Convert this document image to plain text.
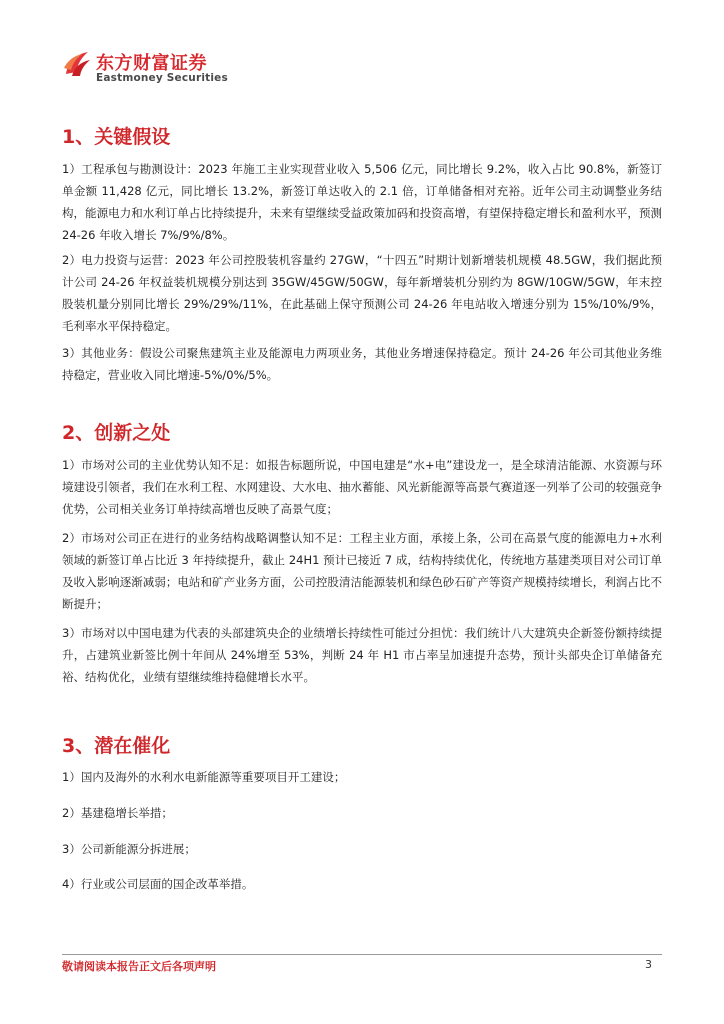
东方财富证券
Eastmoney Securities
1、关键假设

1）工程承包与勘测设计：2023 年施工主业实现营业收入 5,506 亿元，同比增长 9.2%，收入占比 90.8%，新签订单金额 11,428 亿元，同比增长 13.2%，新签订单达收入的 2.1 倍，订单储备相对充裕。近年公司主动调整业务结构，能源电力和水利订单占比持续提升，未来有望继续受益政策加码和投资高增，有望保持稳定增长和盈利水平，预测 24-26 年收入增长 7%/9%/8%。

2）电力投资与运营：2023 年公司控股装机容量约 27GW，“十四五”时期计划新增装机规模 48.5GW，我们据此预计公司 24-26 年权益装机规模分别达到 35GW/45GW/50GW，每年新增装机分别约为 8GW/10GW/5GW，年末控股装机量分别同比增长 29%/29%/11%，在此基础上保守预测公司 24-26 年电站收入增速分别为 15%/10%/9%，毛利率水平保持稳定。

3）其他业务：假设公司聚焦建筑主业及能源电力两项业务，其他业务增速保持稳定。预计 24-26 年公司其他业务维持稳定，营业收入同比增速-5%/0%/5%。

2、创新之处

1）市场对公司的主业优势认知不足：如报告标题所说，中国电建是“水+电”建设龙一，是全球清洁能源、水资源与环境建设引领者，我们在水利工程、水网建设、大水电、抽水蓄能、风光新能源等高景气赛道逐一列举了公司的较强竞争优势，公司相关业务订单持续高增也反映了高景气度；

2）市场对公司正在进行的业务结构战略调整认知不足：工程主业方面，承接上条，公司在高景气度的能源电力+水利领域的新签订单占比近 3 年持续提升，截止 24H1 预计已接近 7 成，结构持续优化，传统地方基建类项目对公司订单及收入影响逐渐减弱；电站和矿产业务方面，公司控股清洁能源装机和绿色砂石矿产等资产规模持续增长，利润占比不断提升；

3）市场对以中国电建为代表的头部建筑央企的业绩增长持续性可能过分担忧：我们统计八大建筑央企新签份额持续提升，占建筑业新签比例十年间从 24%增至 53%，判断 24 年 H1 市占率呈加速提升态势，预计头部央企订单储备充裕、结构优化，业绩有望继续维持稳健增长水平。

3、潜在催化

1）国内及海外的水利水电新能源等重要项目开工建设；

2）基建稳增长举措；

3）公司新能源分拆进展；

4）行业或公司层面的国企改革举措。

敬请阅读本报告正文后各项声明	3
